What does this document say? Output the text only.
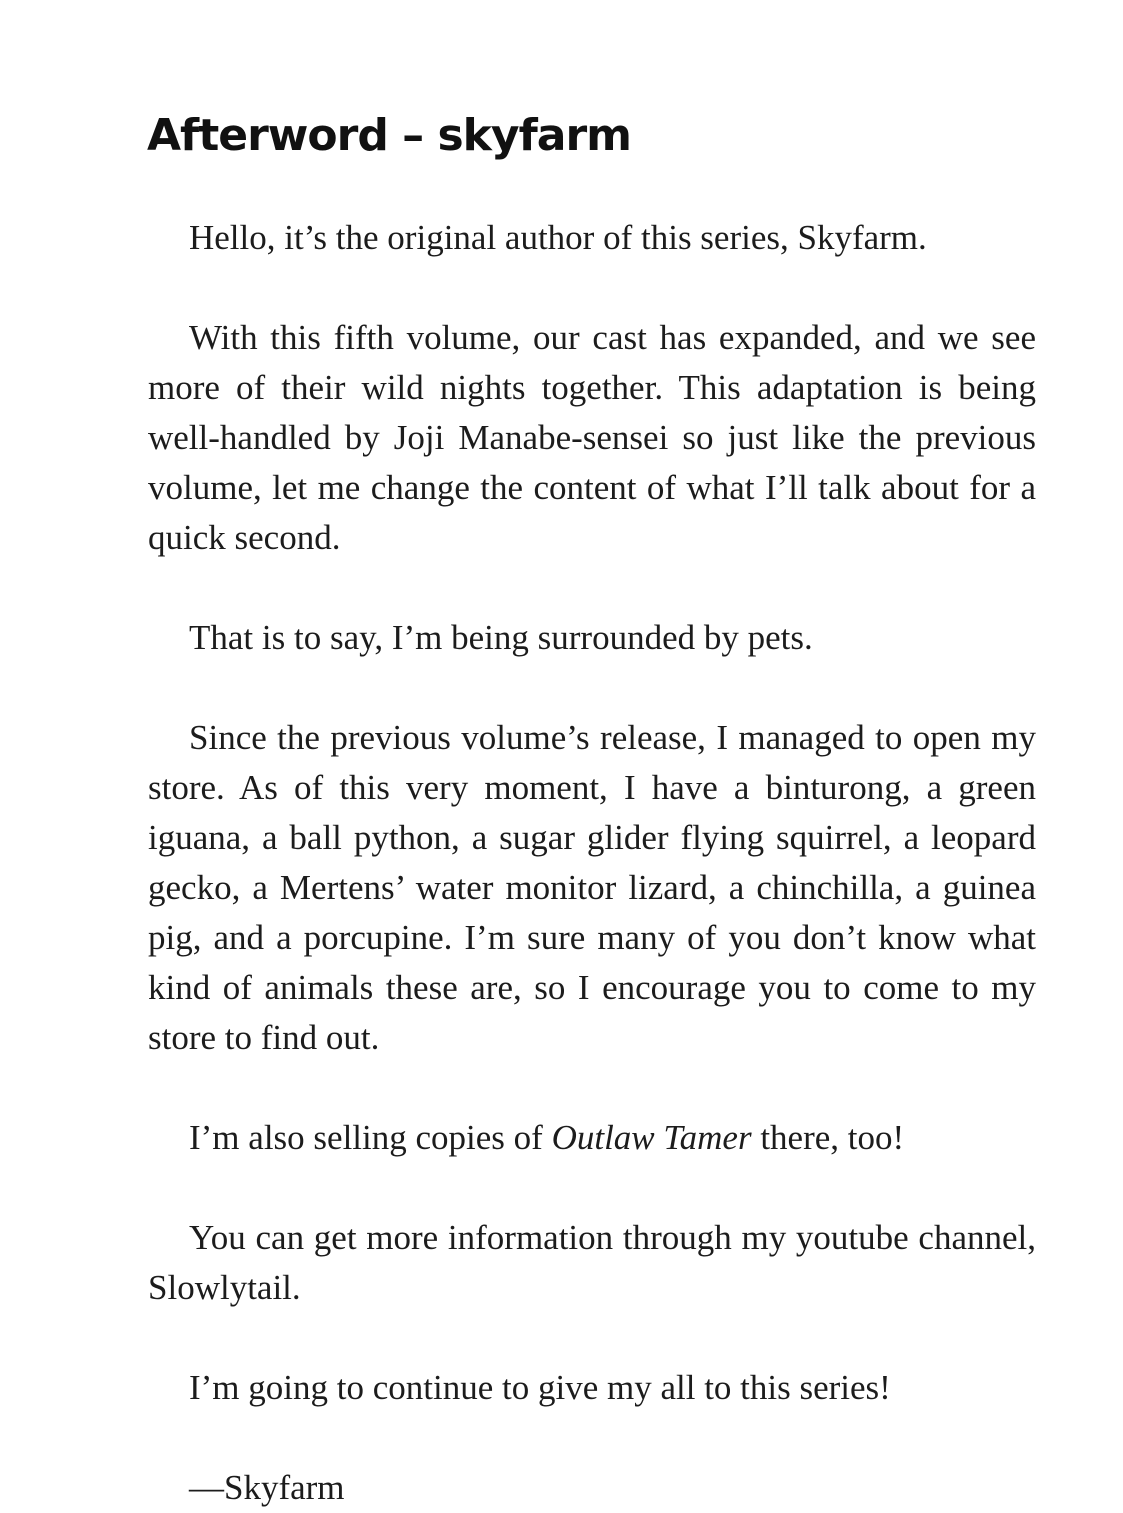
Afterword – skyfarm

Hello, it’s the original author of this series, Skyfarm.

With this fifth volume, our cast has expanded, and we see more of their wild nights together. This adaptation is being well-handled by Joji Manabe-sensei so just like the previous volume, let me change the content of what I’ll talk about for a quick second.

That is to say, I’m being surrounded by pets.

Since the previous volume’s release, I managed to open my store. As of this very moment, I have a binturong, a green iguana, a ball python, a sugar glider flying squirrel, a leopard gecko, a Mertens’ water monitor lizard, a chinchilla, a guinea pig, and a porcupine. I’m sure many of you don’t know what kind of animals these are, so I encourage you to come to my store to find out.

I’m also selling copies of Outlaw Tamer there, too!

You can get more information through my youtube channel, Slowlytail.

I’m going to continue to give my all to this series!

—Skyfarm
